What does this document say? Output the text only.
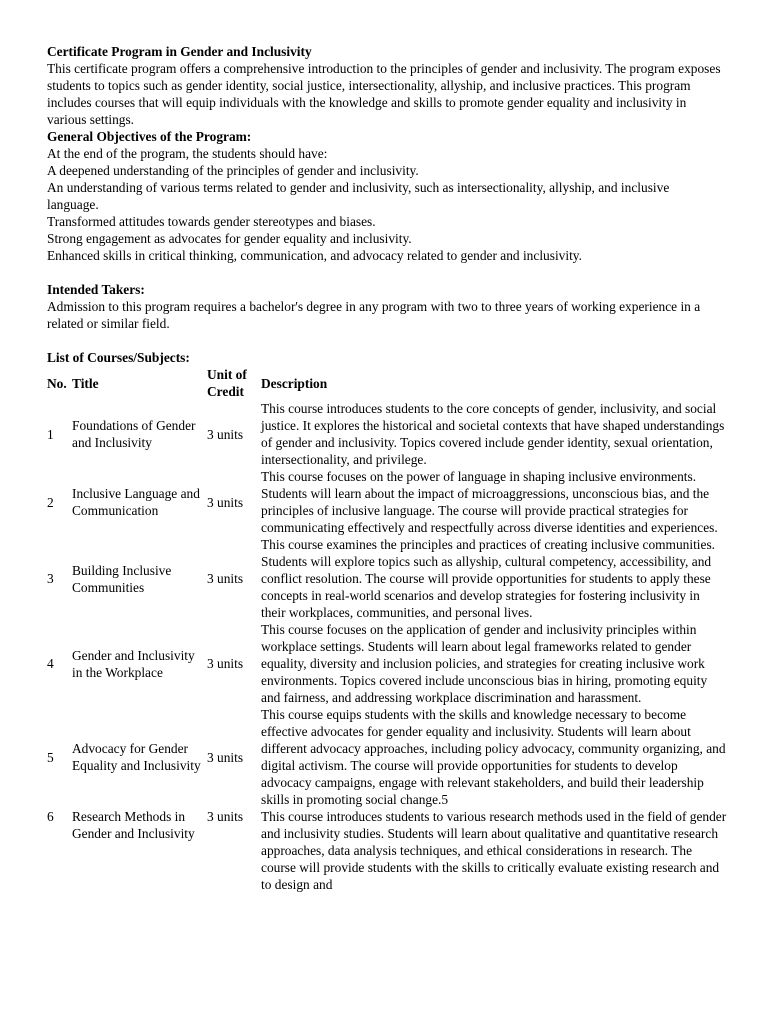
Certificate Program in Gender and Inclusivity

This certificate program offers a comprehensive introduction to the principles of gender and inclusivity. The program exposes students to topics such as gender identity, social justice, intersectionality, allyship, and inclusive practices. This program includes courses that will equip individuals with the knowledge and skills to promote gender equality and inclusivity in various settings.

General Objectives of the Program:
At the end of the program, the students should have:
A deepened understanding of the principles of gender and inclusivity.
An understanding of various terms related to gender and inclusivity, such as intersectionality, allyship, and inclusive language.
Transformed attitudes towards gender stereotypes and biases.
Strong engagement as advocates for gender equality and inclusivity.
Enhanced skills in critical thinking, communication, and advocacy related to gender and inclusivity.
Intended Takers:

Admission to this program requires a bachelor's degree in any program with two to three years of working experience in a related or similar field.

List of Courses/Subjects:
No.	Title	Unit of Credit	Description
1	Foundations of Gender and Inclusivity	3 units	This course introduces students to the core concepts of gender, inclusivity, and social justice. It explores the historical and societal contexts that have shaped understandings of gender and inclusivity. Topics covered include gender identity, sexual orientation, intersectionality, and privilege.
2	Inclusive Language and Communication	3 units	This course focuses on the power of language in shaping inclusive environments. Students will learn about the impact of microaggressions, unconscious bias, and the principles of inclusive language. The course will provide practical strategies for communicating effectively and respectfully across diverse identities and experiences.
3	Building Inclusive Communities	3 units	This course examines the principles and practices of creating inclusive communities. Students will explore topics such as allyship, cultural competency, accessibility, and conflict resolution. The course will provide opportunities for students to apply these concepts in real-world scenarios and develop strategies for fostering inclusivity in their workplaces, communities, and personal lives.
4	Gender and Inclusivity in the Workplace	3 units	This course focuses on the application of gender and inclusivity principles within workplace settings. Students will learn about legal frameworks related to gender equality, diversity and inclusion policies, and strategies for creating inclusive work environments. Topics covered include unconscious bias in hiring, promoting equity and fairness, and addressing workplace discrimination and harassment.
5	Advocacy for Gender Equality and Inclusivity	3 units	This course equips students with the skills and knowledge necessary to become effective advocates for gender equality and inclusivity. Students will learn about different advocacy approaches, including policy advocacy, community organizing, and digital activism. The course will provide opportunities for students to develop advocacy campaigns, engage with relevant stakeholders, and build their leadership skills in promoting social change.5
6	Research Methods in Gender and Inclusivity	3 units	This course introduces students to various research methods used in the field of gender and inclusivity studies. Students will learn about qualitative and quantitative research approaches, data analysis techniques, and ethical considerations in research. The course will provide students with the skills to critically evaluate existing research and to design and
